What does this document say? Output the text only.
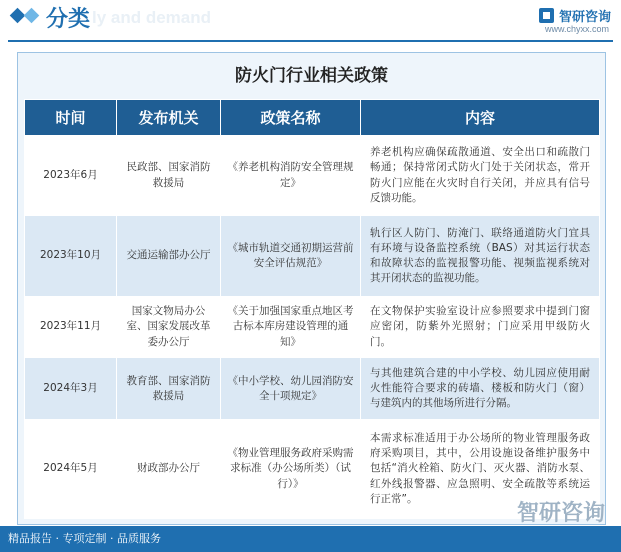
ly and demand
分类	智研咨询
www.chyxx.com
防火门行业相关政策
时间	发布机关	政策名称	内容
2023年6月	民政部、国家消防救援局	《养老机构消防安全管理规定》	养老机构应确保疏散通道、安全出口和疏散门畅通；保持常闭式防火门处于关闭状态，常开防火门应能在火灾时自行关闭，并应具有信号反馈功能。
2023年10月	交通运输部办公厅	《城市轨道交通初期运营前安全评估规范》	轨行区人防门、防淹门、联络通道防火门宜具有环境与设备监控系统（BAS）对其运行状态和故障状态的监视报警功能、视频监视系统对其开闭状态的监视功能。
2023年11月	国家文物局办公室、国家发展改革委办公厅	《关于加强国家重点地区考古标本库房建设管理的通知》	在文物保护实验室设计应参照要求中提到门窗应密闭，防紫外光照射；门应采用甲级防火门。
2024年3月	教育部、国家消防救援局	《中小学校、幼儿园消防安全十项规定》	与其他建筑合建的中小学校、幼儿园应使用耐火性能符合要求的砖墙、楼板和防火门（窗）与建筑内的其他场所进行分隔。
2024年5月	财政部办公厅	《物业管理服务政府采购需求标准（办公场所类）（试行）》	本需求标准适用于办公场所的物业管理服务政府采购项目，其中，公用设施设备维护服务中包括“消火栓箱、防火门、灭火器、消防水泵、红外线报警器、应急照明、安全疏散等系统运行正常”。
智研咨询
精品报告 · 专项定制 · 品质服务
